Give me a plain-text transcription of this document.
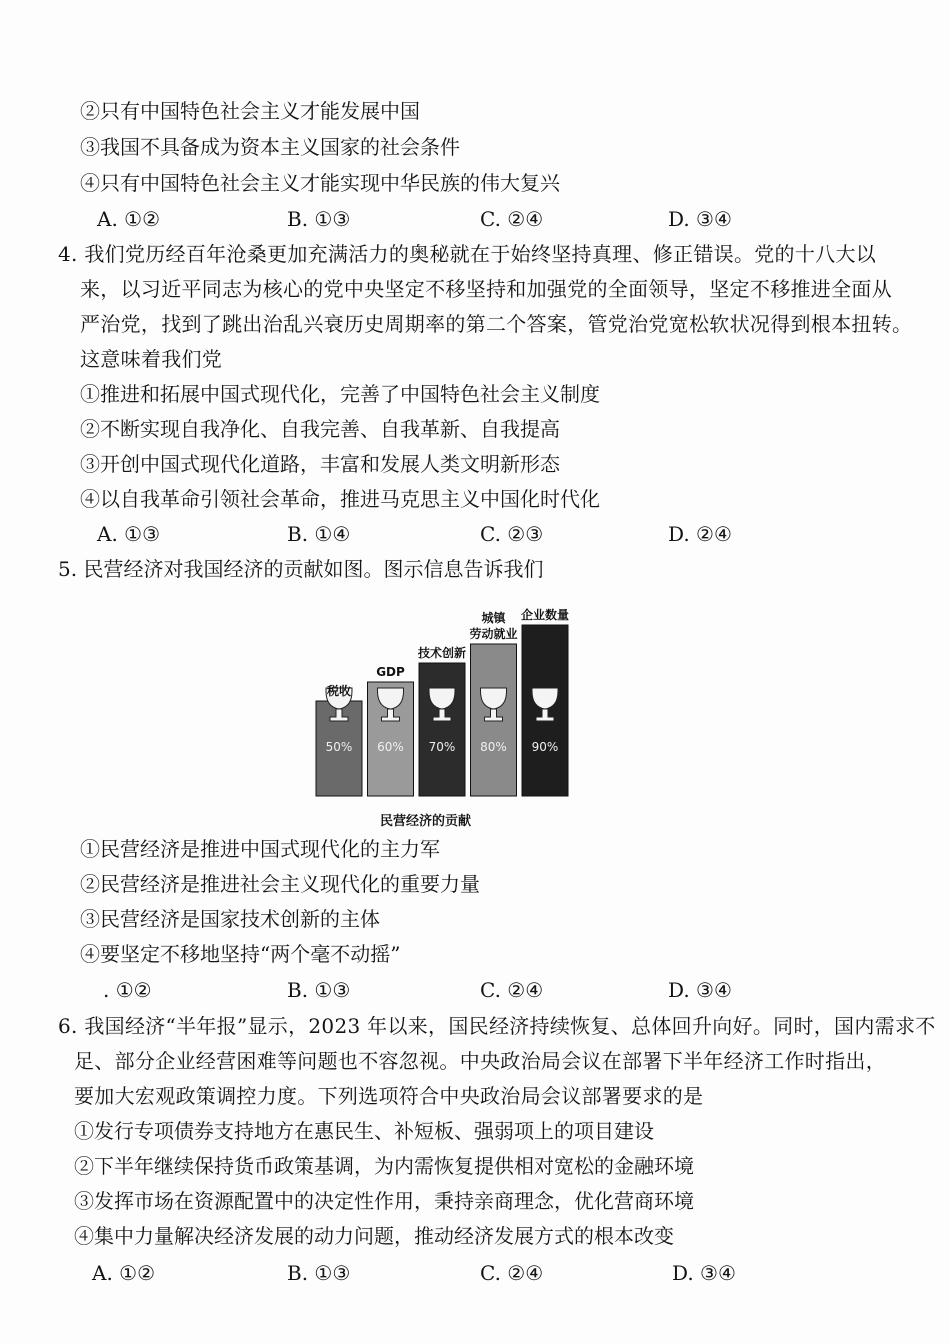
②只有中国特色社会主义才能发展中国
③我国不具备成为资本主义国家的社会条件
④只有中国特色社会主义才能实现中华民族的伟大复兴
A. ①②	B. ①③	C. ②④	D. ③④
4. 我们党历经百年沧桑更加充满活力的奥秘就在于始终坚持真理、修正错误。党的十八大以
来，以习近平同志为核心的党中央坚定不移坚持和加强党的全面领导，坚定不移推进全面从
严治党，找到了跳出治乱兴衰历史周期率的第二个答案，管党治党宽松软状况得到根本扭转。
这意味着我们党
①推进和拓展中国式现代化，完善了中国特色社会主义制度
②不断实现自我净化、自我完善、自我革新、自我提高
③开创中国式现代化道路，丰富和发展人类文明新形态
④以自我革命引领社会革命，推进马克思主义中国化时代化
A. ①③	B. ①④	C. ②③	D. ②④
5. 民营经济对我国经济的贡献如图。图示信息告诉我们
50%
税收
60%
GDP
70%
技术创新
80%
城镇
劳动就业
90%
企业数量
民营经济的贡献
①民营经济是推进中国式现代化的主力军
②民营经济是推进社会主义现代化的重要力量
③民营经济是国家技术创新的主体
④要坚定不移地坚持“两个毫不动摇”
. ①②	B. ①③	C. ②④	D. ③④
6. 我国经济“半年报”显示，2023 年以来，国民经济持续恢复、总体回升向好。同时，国内需求不
足、部分企业经营困难等问题也不容忽视。中央政治局会议在部署下半年经济工作时指出，
要加大宏观政策调控力度。下列选项符合中央政治局会议部署要求的是
①发行专项债券支持地方在惠民生、补短板、强弱项上的项目建设
②下半年继续保持货币政策基调，为内需恢复提供相对宽松的金融环境
③发挥市场在资源配置中的决定性作用，秉持亲商理念，优化营商环境
④集中力量解决经济发展的动力问题，推动经济发展方式的根本改变
A. ①②	B. ①③	C. ②④	D. ③④
